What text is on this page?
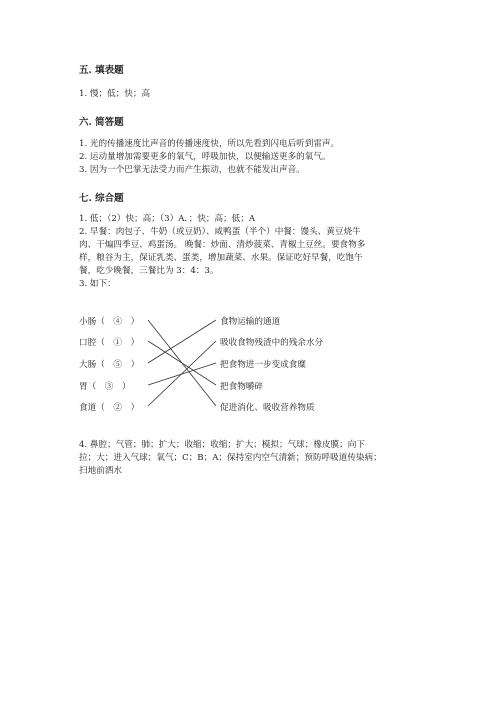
五. 填表题
1. 慢；低；快；高
六. 简答题
1. 光的传播速度比声音的传播速度快，所以先看到闪电后听到雷声。
2. 运动量增加需要更多的氧气，呼吸加快，以便输送更多的氧气。
3. 因为一个巴掌无法受力而产生振动，也就不能发出声音。
七. 综合题
1. 低；（2）快；高；（3）A．；快；高；低；A
2. 早餐：肉包子、牛奶（或豆奶）、咸鸭蛋（半个）中餐：馒头、黄豆烧牛
肉、干煸四季豆、鸡蛋汤。 晚餐：炒面、清炒菠菜、青椒土豆丝。要食物多
样，粮谷为主，保证乳类、蛋类，增加蔬菜、水果。保证吃好早餐，吃饱午
餐，吃少晚餐，三餐比为 3：4：3。
3. 如下：
小肠（　④　）
口腔（　①　）
大肠（　⑤　）
胃（　③　）
食道（　②　）
食物运输的通道
吸收食物残渣中的残余水分
把食物进一步变成食糜
把食物嚼碎
促进消化、吸收营养物质
4. 鼻腔；气管；肺；扩大；收缩；收缩；扩大；模拟；气球；橡皮膜；向下
拉；大；进入气球；氧气；C；B；A；保持室内空气清新；预防呼吸道传染病；
扫地前洒水
